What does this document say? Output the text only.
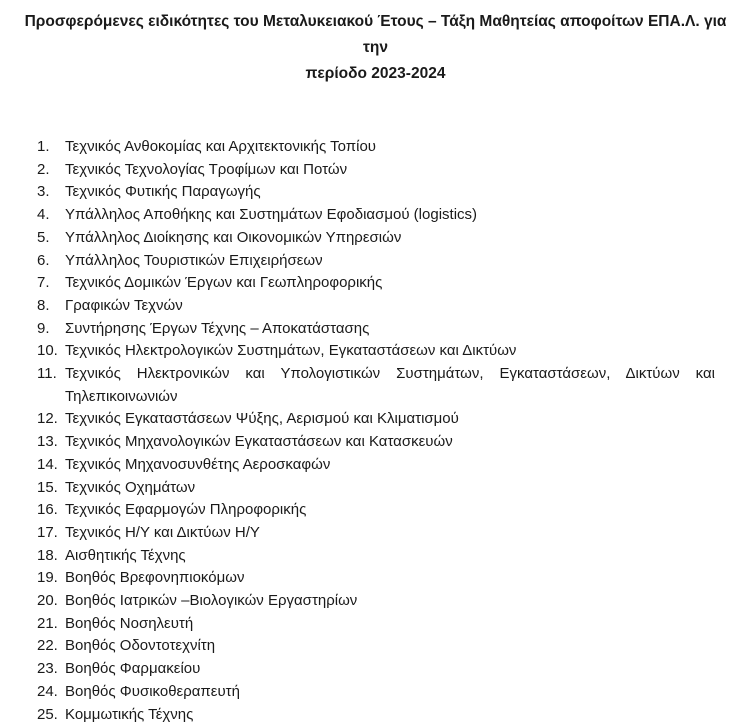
Προσφερόμενες ειδικότητες του Μεταλυκειακού Έτους – Τάξη Μαθητείας αποφοίτων ΕΠΑ.Λ. για την
περίοδο 2023-2024
1.	Τεχνικός Ανθοκομίας και Αρχιτεκτονικής Τοπίου
2.	Τεχνικός Τεχνολογίας Τροφίμων και Ποτών
3.	Τεχνικός Φυτικής Παραγωγής
4.	Υπάλληλος Αποθήκης και Συστημάτων Εφοδιασμού (logistics)
5.	Υπάλληλος Διοίκησης και Οικονομικών Υπηρεσιών
6.	Υπάλληλος Τουριστικών Επιχειρήσεων
7.	Τεχνικός Δομικών Έργων και Γεωπληροφορικής
8.	Γραφικών Τεχνών
9.	Συντήρησης Έργων Τέχνης – Αποκατάστασης
10. Τεχνικός Ηλεκτρολογικών Συστημάτων, Εγκαταστάσεων και Δικτύων
11. Τεχνικός Ηλεκτρονικών και Υπολογιστικών Συστημάτων, Εγκαταστάσεων, Δικτύων και Τηλεπικοινωνιών
12. Τεχνικός Εγκαταστάσεων Ψύξης, Αερισμού και Κλιματισμού
13. Τεχνικός Μηχανολογικών Εγκαταστάσεων και Κατασκευών
14. Τεχνικός Μηχανοσυνθέτης Αεροσκαφών
15. Τεχνικός Οχημάτων
16. Τεχνικός Εφαρμογών Πληροφορικής
17. Τεχνικός Η/Υ και Δικτύων Η/Υ
18. Αισθητικής Τέχνης
19. Βοηθός Βρεφονηπιοκόμων
20. Βοηθός Ιατρικών –Βιολογικών Εργαστηρίων
21. Βοηθός Νοσηλευτή
22. Βοηθός Οδοντοτεχνίτη
23. Βοηθός Φαρμακείου
24. Βοηθός Φυσικοθεραπευτή
25. Κομμωτικής Τέχνης
